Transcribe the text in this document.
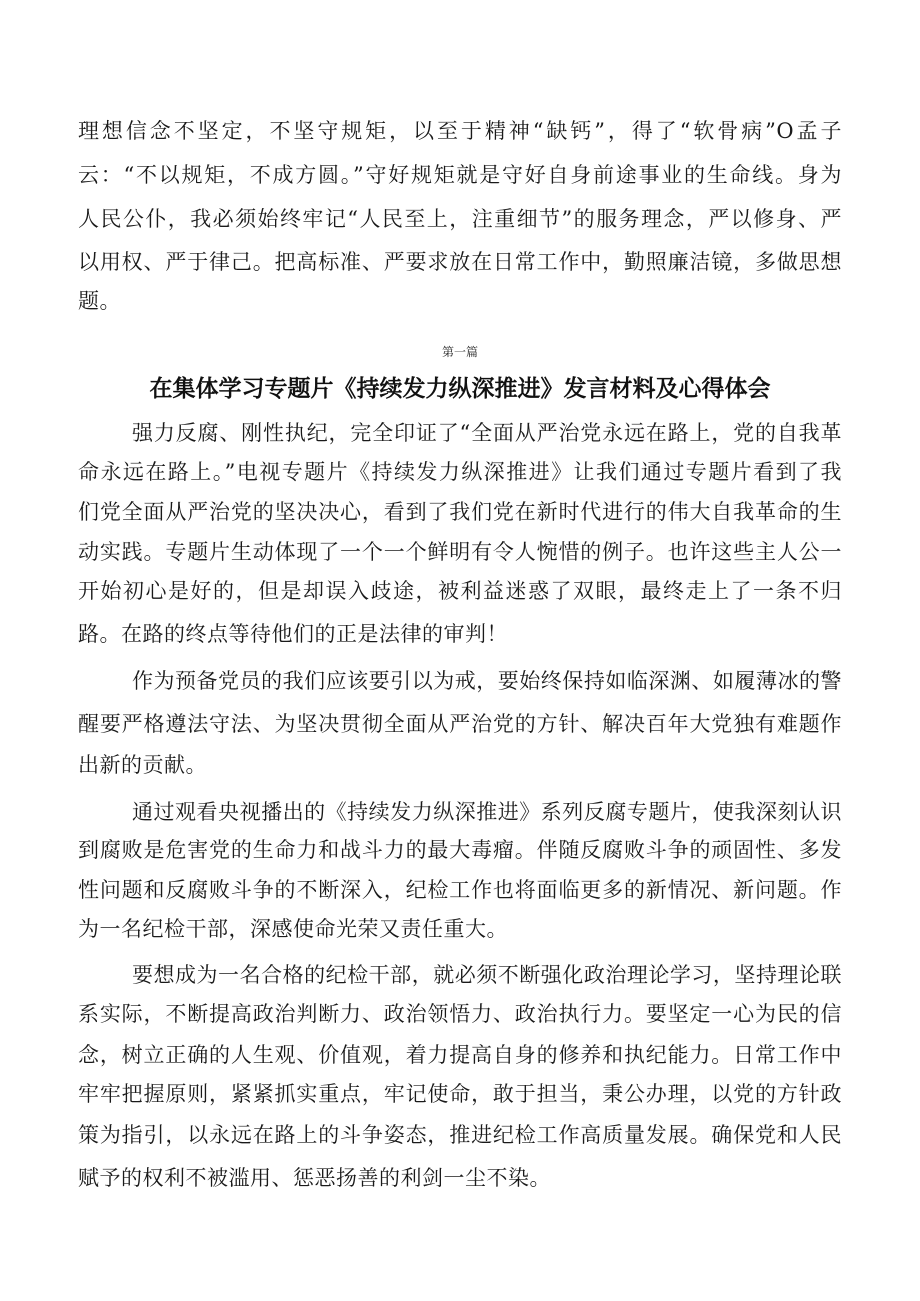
理想信念不坚定，不坚守规矩，以至于精神“缺钙”，得了“软骨病”O孟子
云：“不以规矩，不成方圆。”守好规矩就是守好自身前途事业的生命线。身为
人民公仆，我必须始终牢记“人民至上，注重细节”的服务理念，严以修身、严
以用权、严于律己。把高标准、严要求放在日常工作中，勤照廉洁镜，多做思想
题。
第一篇
在集体学习专题片《持续发力纵深推进》发言材料及心得体会
强力反腐、刚性执纪，完全印证了“全面从严治党永远在路上，党的自我革
命永远在路上。”电视专题片《持续发力纵深推进》让我们通过专题片看到了我
们党全面从严治党的坚决决心，看到了我们党在新时代进行的伟大自我革命的生
动实践。专题片生动体现了一个一个鲜明有令人惋惜的例子。也许这些主人公一
开始初心是好的，但是却误入歧途，被利益迷惑了双眼，最终走上了一条不归
路。在路的终点等待他们的正是法律的审判！
作为预备党员的我们应该要引以为戒，要始终保持如临深渊、如履薄冰的警
醒要严格遵法守法、为坚决贯彻全面从严治党的方针、解决百年大党独有难题作
出新的贡献。
通过观看央视播出的《持续发力纵深推进》系列反腐专题片，使我深刻认识
到腐败是危害党的生命力和战斗力的最大毒瘤。伴随反腐败斗争的顽固性、多发
性问题和反腐败斗争的不断深入，纪检工作也将面临更多的新情况、新问题。作
为一名纪检干部，深感使命光荣又责任重大。
要想成为一名合格的纪检干部，就必须不断强化政治理论学习，坚持理论联
系实际，不断提高政治判断力、政治领悟力、政治执行力。要坚定一心为民的信
念，树立正确的人生观、价值观，着力提高自身的修养和执纪能力。日常工作中
牢牢把握原则，紧紧抓实重点，牢记使命，敢于担当，秉公办理，以党的方针政
策为指引，以永远在路上的斗争姿态，推进纪检工作高质量发展。确保党和人民
赋予的权利不被滥用、惩恶扬善的利剑一尘不染。
